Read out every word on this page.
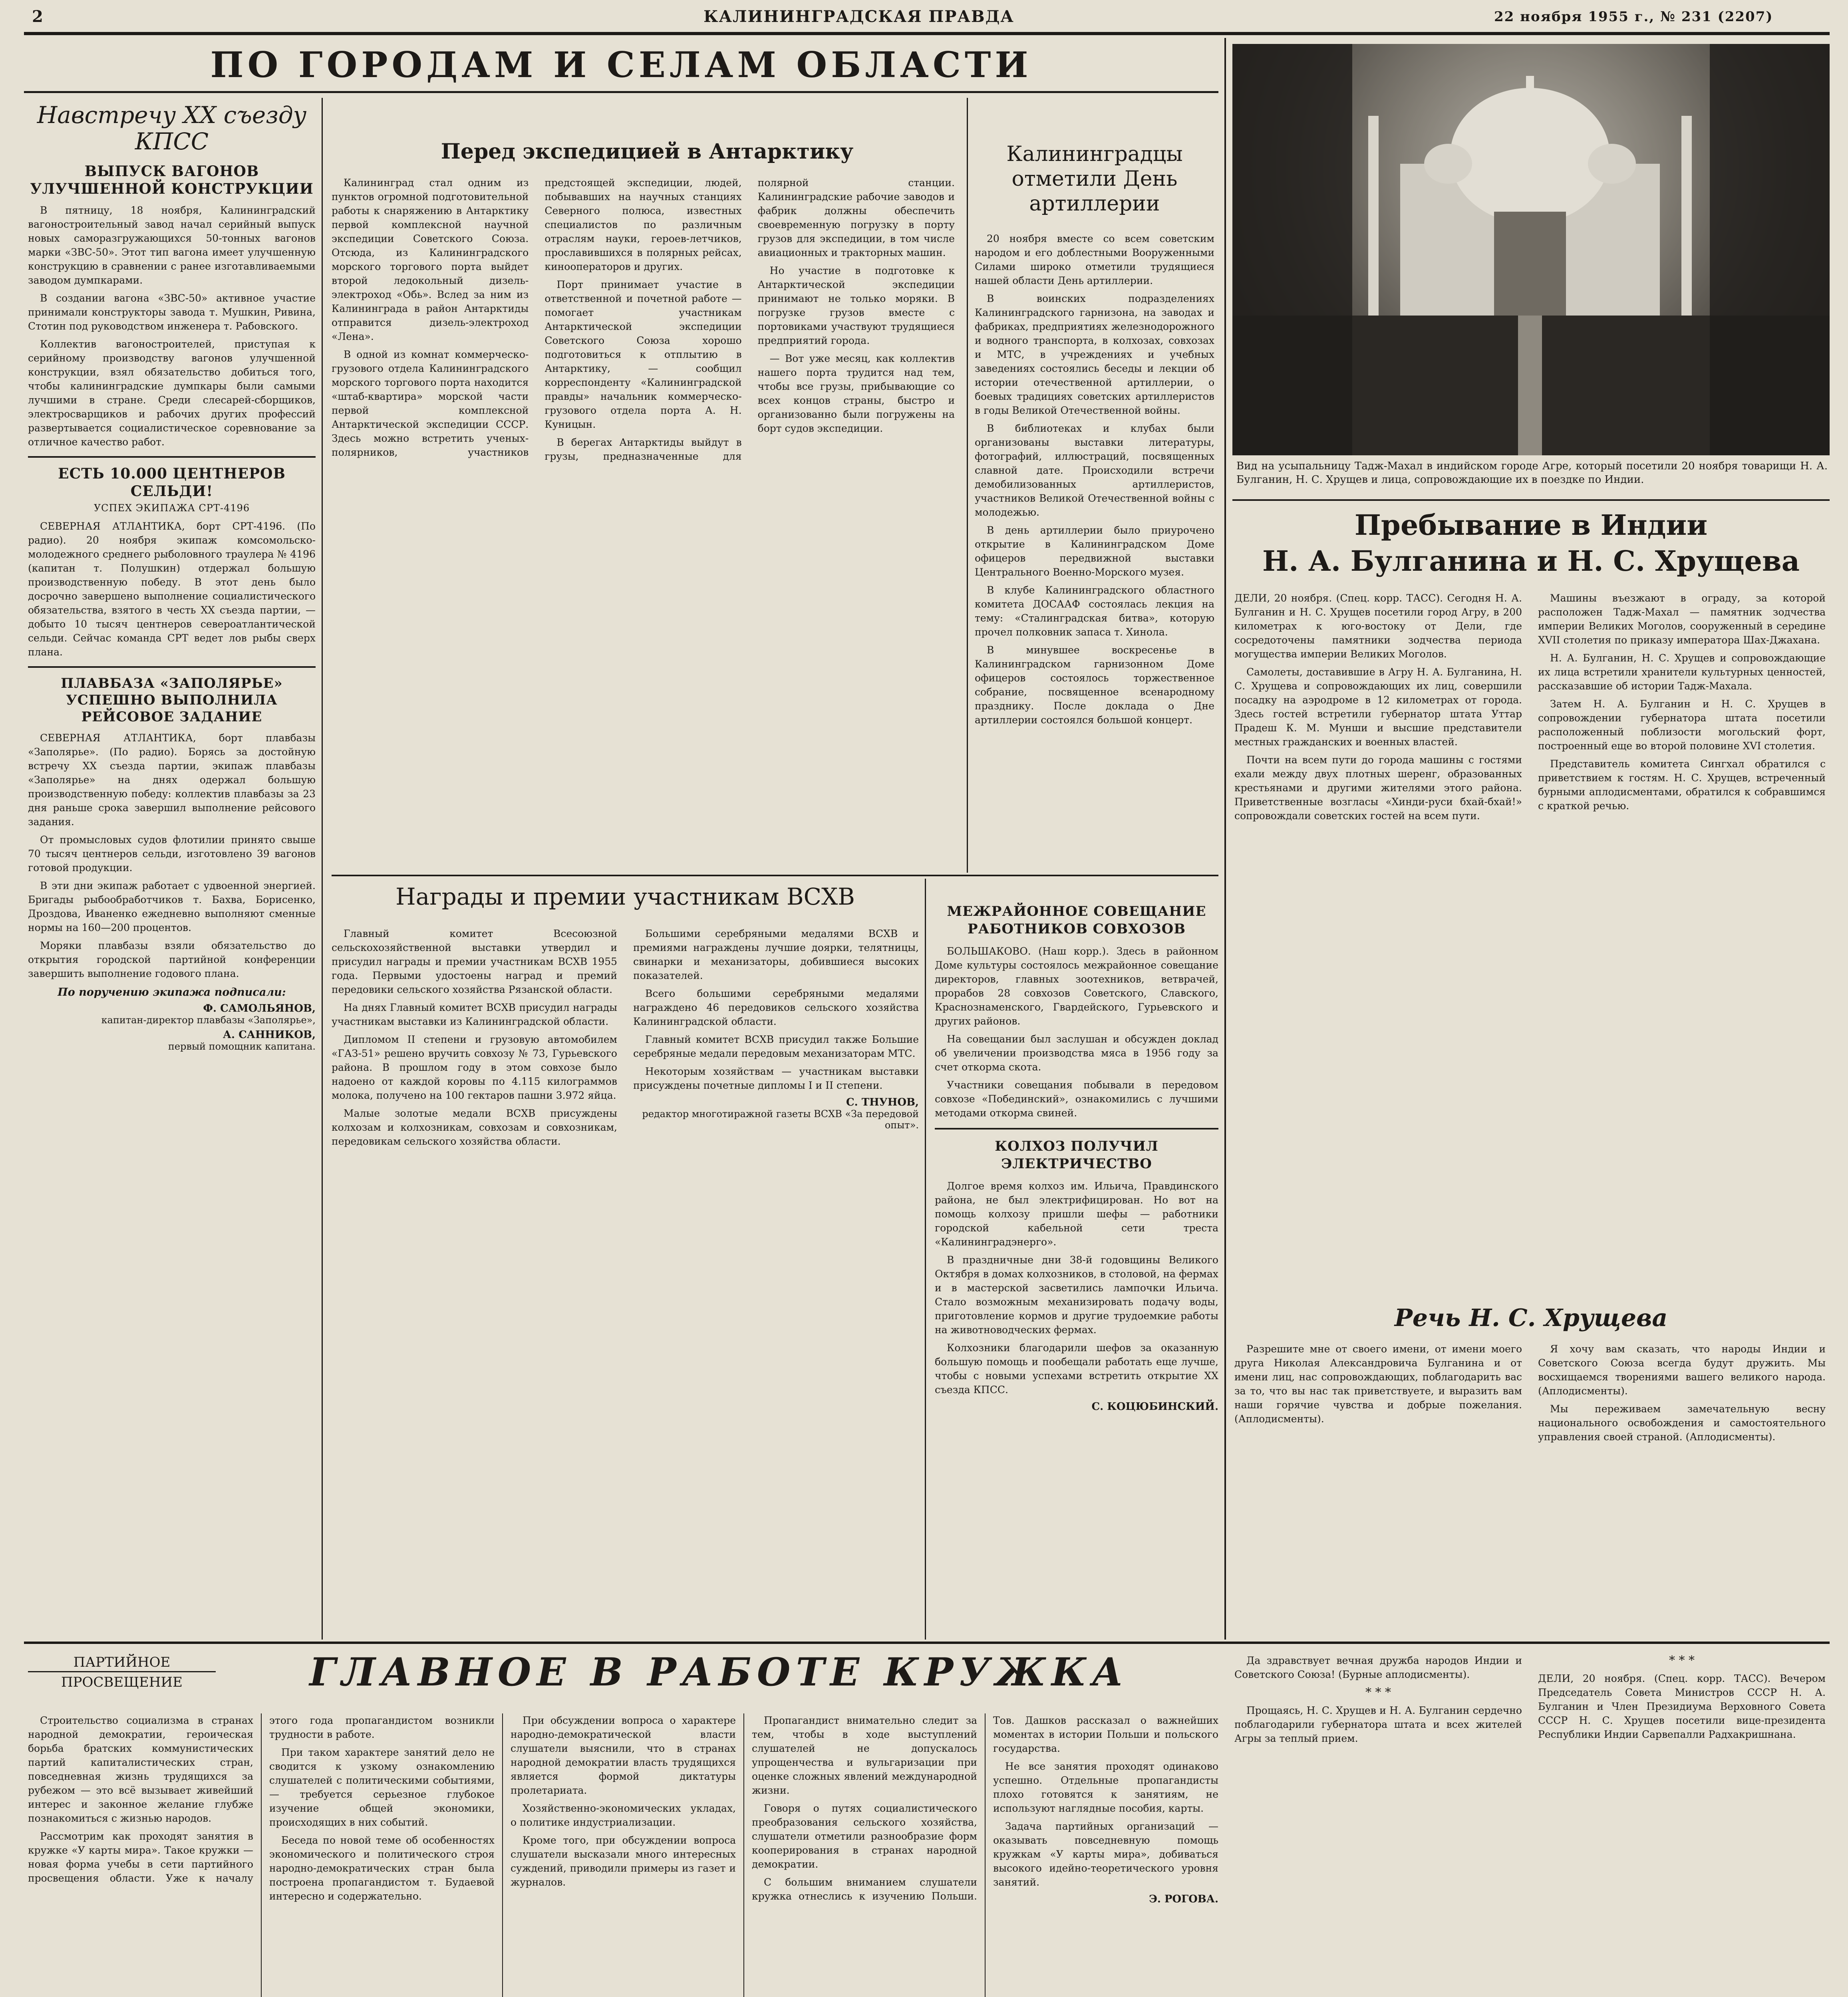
2	КАЛИНИНГРАДСКАЯ ПРАВДА	22 ноября 1955 г., № 231 (2207)
ПО ГОРОДАМ И СЕЛАМ ОБЛАСТИ
Навстречу XX съезду КПСС
ВЫПУСК ВАГОНОВ УЛУЧШЕННОЙ КОНСТРУКЦИИ

В пятницу, 18 ноября, Калининградский вагоностроительный завод начал серийный выпуск новых саморазгружающихся 50-тонных вагонов марки «ЗВС-50». Этот тип вагона имеет улучшенную конструкцию в сравнении с ранее изготавливаемыми заводом думпкарами.

В создании вагона «ЗВС-50» активное участие принимали конструкторы завода т. Мушкин, Ривина, Стотин под руководством инженера т. Рабовского.

Коллектив вагоностроителей, приступая к серийному производству вагонов улучшенной конструкции, взял обязательство добиться того, чтобы калининградские думпкары были самыми лучшими в стране. Среди слесарей-сборщиков, электросварщиков и рабочих других профессий развертывается социалистическое соревнование за отличное качество работ.

ЕСТЬ 10.000 ЦЕНТНЕРОВ СЕЛЬДИ!
УСПЕХ ЭКИПАЖА СРТ-4196

СЕВЕРНАЯ АТЛАНТИКА, борт СРТ-4196. (По радио). 20 ноября экипаж комсомольско-молодежного среднего рыболовного траулера № 4196 (капитан т. Полушкин) отдержал большую производственную победу. В этот день было досрочно завершено выполнение социалистического обязательства, взятого в честь XX съезда партии, — добыто 10 тысяч центнеров североатлантической сельди. Сейчас команда СРТ ведет лов рыбы сверх плана.

ПЛАВБАЗА «ЗАПОЛЯРЬЕ» УСПЕШНО ВЫПОЛНИЛА РЕЙСОВОЕ ЗАДАНИЕ

СЕВЕРНАЯ АТЛАНТИКА, борт плавбазы «Заполярье». (По радио). Борясь за достойную встречу XX съезда партии, экипаж плавбазы «Заполярье» на днях одержал большую производственную победу: коллектив плавбазы за 23 дня раньше срока завершил выполнение рейсового задания.

От промысловых судов флотилии принято свыше 70 тысяч центнеров сельди, изготовлено 39 вагонов готовой продукции.

В эти дни экипаж работает с удвоенной энергией. Бригады рыбообработчиков т. Бахва, Борисенко, Дроздова, Иваненко ежедневно выполняют сменные нормы на 160—200 процентов.

Моряки плавбазы взяли обязательство до открытия городской партийной конференции завершить выполнение годового плана.

По поручению экипажа подписали:
Ф. САМОЛЬЯНОВ,
капитан-директор плавбазы «Заполярье»,
А. САННИКОВ,
первый помощник капитана.
Перед экспедицией в Антарктику

Калининград стал одним из пунктов огромной подготовительной работы к снаряжению в Антарктику первой комплексной научной экспедиции Советского Союза. Отсюда, из Калининградского морского торгового порта выйдет второй ледокольный дизель-электроход «Обь». Вслед за ним из Калининграда в район Антарктиды отправится дизель-электроход «Лена».

В одной из комнат коммерческо-грузового отдела Калининградского морского торгового порта находится «штаб-квартира» морской части первой комплексной Антарктической экспедиции СССР. Здесь можно встретить ученых-полярников, участников предстоящей экспедиции, людей, побывавших на научных станциях Северного полюса, известных специалистов по различным отраслям науки, героев-летчиков, прославившихся в полярных рейсах, кинооператоров и других.

Порт принимает участие в ответственной и почетной работе — помогает участникам Антарктической экспедиции Советского Союза хорошо подготовиться к отплытию в Антарктику, — сообщил корреспонденту «Калининградской правды» начальник коммерческо-грузового отдела порта А. Н. Куницын.

В берегах Антарктиды выйдут в грузы, предназначенные для полярной станции. Калининградские рабочие заводов и фабрик должны обеспечить своевременную погрузку в порту грузов для экспедиции, в том числе авиационных и тракторных машин.

Но участие в подготовке к Антарктической экспедиции принимают не только моряки. В погрузке грузов вместе с портовиками участвуют трудящиеся предприятий города.

— Вот уже месяц, как коллектив нашего порта трудится над тем, чтобы все грузы, прибывающие со всех концов страны, быстро и организованно были погружены на борт судов экспедиции.

Калининградцы отметили День артиллерии

20 ноября вместе со всем советским народом и его доблестными Вооруженными Силами широко отметили трудящиеся нашей области День артиллерии.

В воинских подразделениях Калининградского гарнизона, на заводах и фабриках, предприятиях железнодорожного и водного транспорта, в колхозах, совхозах и МТС, в учреждениях и учебных заведениях состоялись беседы и лекции об истории отечественной артиллерии, о боевых традициях советских артиллеристов в годы Великой Отечественной войны.

В библиотеках и клубах были организованы выставки литературы, фотографий, иллюстраций, посвященных славной дате. Происходили встречи демобилизованных артиллеристов, участников Великой Отечественной войны с молодежью.

В день артиллерии было приурочено открытие в Калининградском Доме офицеров передвижной выставки Центрального Военно-Морского музея.

В клубе Калининградского областного комитета ДОСААФ состоялась лекция на тему: «Сталинградская битва», которую прочел полковник запаса т. Хинола.

В минувшее воскресенье в Калининградском гарнизонном Доме офицеров состоялось торжественное собрание, посвященное всенародному празднику. После доклада о Дне артиллерии состоялся большой концерт.

Награды и премии участникам ВСХВ

Главный комитет Всесоюзной сельскохозяйственной выставки утвердил и присудил награды и премии участникам ВСХВ 1955 года. Первыми удостоены наград и премий передовики сельского хозяйства Рязанской области.

На днях Главный комитет ВСХВ присудил награды участникам выставки из Калининградской области.

Дипломом II степени и грузовую автомобилем «ГАЗ-51» решено вручить совхозу № 73, Гурьевского района. В прошлом году в этом совхозе было надоено от каждой коровы по 4.115 килограммов молока, получено на 100 гектаров пашни 3.972 яйца.

Малые золотые медали ВСХВ присуждены колхозам и колхозникам, совхозам и совхозникам, передовикам сельского хозяйства области.

Большими серебряными медалями ВСХВ и премиями награждены лучшие доярки, телятницы, свинарки и механизаторы, добившиеся высоких показателей.

Всего большими серебряными медалями награждено 46 передовиков сельского хозяйства Калининградской области.

Главный комитет ВСХВ присудил также Большие серебряные медали передовым механизаторам МТС.

Некоторым хозяйствам — участникам выставки присуждены почетные дипломы I и II степени.

С. ТНУНОВ,
редактор многотиражной газеты ВСХВ «За передовой опыт».
МЕЖРАЙОННОЕ СОВЕЩАНИЕ РАБОТНИКОВ СОВХОЗОВ

БОЛЬШАКОВО. (Наш корр.). Здесь в районном Доме культуры состоялось межрайонное совещание директоров, главных зоотехников, ветврачей, прорабов 28 совхозов Советского, Славского, Краснознаменского, Гвардейского, Гурьевского и других районов.

На совещании был заслушан и обсужден доклад об увеличении производства мяса в 1956 году за счет откорма скота.

Участники совещания побывали в передовом совхозе «Побединский», ознакомились с лучшими методами откорма свиней.

КОЛХОЗ ПОЛУЧИЛ ЭЛЕКТРИЧЕСТВО

Долгое время колхоз им. Ильича, Правдинского района, не был электрифицирован. Но вот на помощь колхозу пришли шефы — работники городской кабельной сети треста «Калининградэнерго».

В праздничные дни 38-й годовщины Великого Октября в домах колхозников, в столовой, на фермах и в мастерской засветились лампочки Ильича. Стало возможным механизировать подачу воды, приготовление кормов и другие трудоемкие работы на животноводческих фермах.

Колхозники благодарили шефов за оказанную большую помощь и пообещали работать еще лучше, чтобы с новыми успехами встретить открытие XX съезда КПСС.

С. КОЦЮБИНСКИЙ.
Вид на усыпальницу Тадж-Махал в индийском городе Агре, который посетили 20 ноября товарищи Н. А. Булганин, Н. С. Хрущев и лица, сопровождающие их в поездке по Индии.
Пребывание в Индии
Н. А. Булганина и Н. С. Хрущева

ДЕЛИ, 20 ноября. (Спец. корр. ТАСС). Сегодня Н. А. Булганин и Н. С. Хрущев посетили город Агру, в 200 километрах к юго-востоку от Дели, где сосредоточены памятники зодчества периода могущества империи Великих Моголов.

Самолеты, доставившие в Агру Н. А. Булганина, Н. С. Хрущева и сопровождающих их лиц, совершили посадку на аэродроме в 12 километрах от города. Здесь гостей встретили губернатор штата Уттар Прадеш К. М. Мунши и высшие представители местных гражданских и военных властей.

Почти на всем пути до города машины с гостями ехали между двух плотных шеренг, образованных крестьянами и другими жителями этого района. Приветственные возгласы «Хинди-руси бхай-бхай!» сопровождали советских гостей на всем пути.

Машины въезжают в ограду, за которой расположен Тадж-Махал — памятник зодчества империи Великих Моголов, сооруженный в середине XVII столетия по приказу императора Шах-Джахана.

Н. А. Булганин, Н. С. Хрущев и сопровождающие их лица встретили хранители культурных ценностей, рассказавшие об истории Тадж-Махала.

Затем Н. А. Булганин и Н. С. Хрущев в сопровождении губернатора штата посетили расположенный поблизости могольский форт, построенный еще во второй половине XVI столетия.

Представитель комитета Сингхал обратился с приветствием к гостям. Н. С. Хрущев, встреченный бурными аплодисментами, обратился к собравшимся с краткой речью.

Речь Н. С. Хрущева

Разрешите мне от своего имени, от имени моего друга Николая Александровича Булганина и от имени лиц, нас сопровождающих, поблагодарить вас за то, что вы нас так приветствуете, и выразить вам наши горячие чувства и добрые пожелания. (Аплодисменты).

Я хочу вам сказать, что народы Индии и Советского Союза всегда будут дружить. Мы восхищаемся творениями вашего великого народа. (Аплодисменты).

Мы переживаем замечательную весну национального освобождения и самостоятельного управления своей страной. (Аплодисменты).

ПАРТИЙНОЕ
ПРОСВЕЩЕНИЕ	ГЛАВНОЕ В РАБОТЕ КРУЖКА

Строительство социализма в странах народной демократии, героическая борьба братских коммунистических партий капиталистических стран, повседневная жизнь трудящихся за рубежом — это всё вызывает живейший интерес и законное желание глубже познакомиться с жизнью народов.

Рассмотрим как проходят занятия в кружке «У карты мира». Такое кружки — новая форма учебы в сети партийного просвещения области. Уже к началу этого года пропагандистом возникли трудности в работе.

При таком характере занятий дело не сводится к узкому ознакомлению слушателей с политическими событиями, — требуется серьезное глубокое изучение общей экономики, происходящих в них событий.

Беседа по новой теме об особенностях экономического и политического строя народно-демократических стран была построена пропагандистом т. Будаевой интересно и содержательно.

При обсуждении вопроса о характере народно-демократической власти слушатели выяснили, что в странах народной демократии власть трудящихся является формой диктатуры пролетариата.

Хозяйственно-экономических укладах, о политике индустриализации.

Кроме того, при обсуждении вопроса слушатели высказали много интересных суждений, приводили примеры из газет и журналов.

Пропагандист внимательно следит за тем, чтобы в ходе выступлений слушателей не допускалось упрощенчества и вульгаризации при оценке сложных явлений международной жизни.

Говоря о путях социалистического преобразования сельского хозяйства, слушатели отметили разнообразие форм кооперирования в странах народной демократии.

С большим вниманием слушатели кружка отнеслись к изучению Польши. Тов. Дашков рассказал о важнейших моментах в истории Польши и польского государства.

Не все занятия проходят одинаково успешно. Отдельные пропагандисты плохо готовятся к занятиям, не используют наглядные пособия, карты.

Задача партийных организаций — оказывать повседневную помощь кружкам «У карты мира», добиваться высокого идейно-теоретического уровня занятий.

Э. РОГОВА.

Да здравствует вечная дружба народов Индии и Советского Союза! (Бурные аплодисменты).

* * *

Прощаясь, Н. С. Хрущев и Н. А. Булганин сердечно поблагодарили губернатора штата и всех жителей Агры за теплый прием.

* * *

ДЕЛИ, 20 ноября. (Спец. корр. ТАСС). Вечером Председатель Совета Министров СССР Н. А. Булганин и Член Президиума Верховного Совета СССР Н. С. Хрущев посетили вице-президента Республики Индии Сарвепалли Радхакришнана.
